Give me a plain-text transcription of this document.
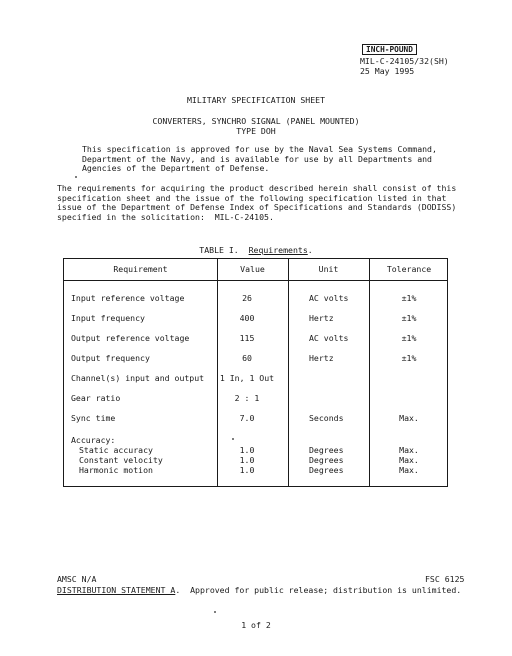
INCH-POUND
MIL-C-24105/32(SH)
25 May 1995
MILITARY SPECIFICATION SHEET
CONVERTERS, SYNCHRO SIGNAL (PANEL MOUNTED)
TYPE DOH
This specification is approved for use by the Naval Sea Systems Command,
Department of the Navy, and is available for use by all Departments and
Agencies of the Department of Defense.
The requirements for acquiring the product described herein shall consist of this
specification sheet and the issue of the following specification listed in that
issue of the Department of Defense Index of Specifications and Standards (DODISS)
specified in the solicitation:  MIL-C-24105.
TABLE I. Requirements.
Requirement	Value	Unit	Tolerance
Input reference voltage	26	AC volts	±1%
Input frequency	400	Hertz	±1%
Output reference voltage	115	AC volts	±1%
Output frequency	60	Hertz	±1%
Channel(s) input and output	1 In, 1 Out
Gear ratio	2 : 1
Sync time	7.0	Seconds	Max.
Accuracy:
Static accuracy	1.0	Degrees	Max.
Constant velocity	1.0	Degrees	Max.
Harmonic motion	1.0	Degrees	Max.
AMSC N/A	FSC 6125
DISTRIBUTION STATEMENT A.  Approved for public release; distribution is unlimited.
1 of 2
